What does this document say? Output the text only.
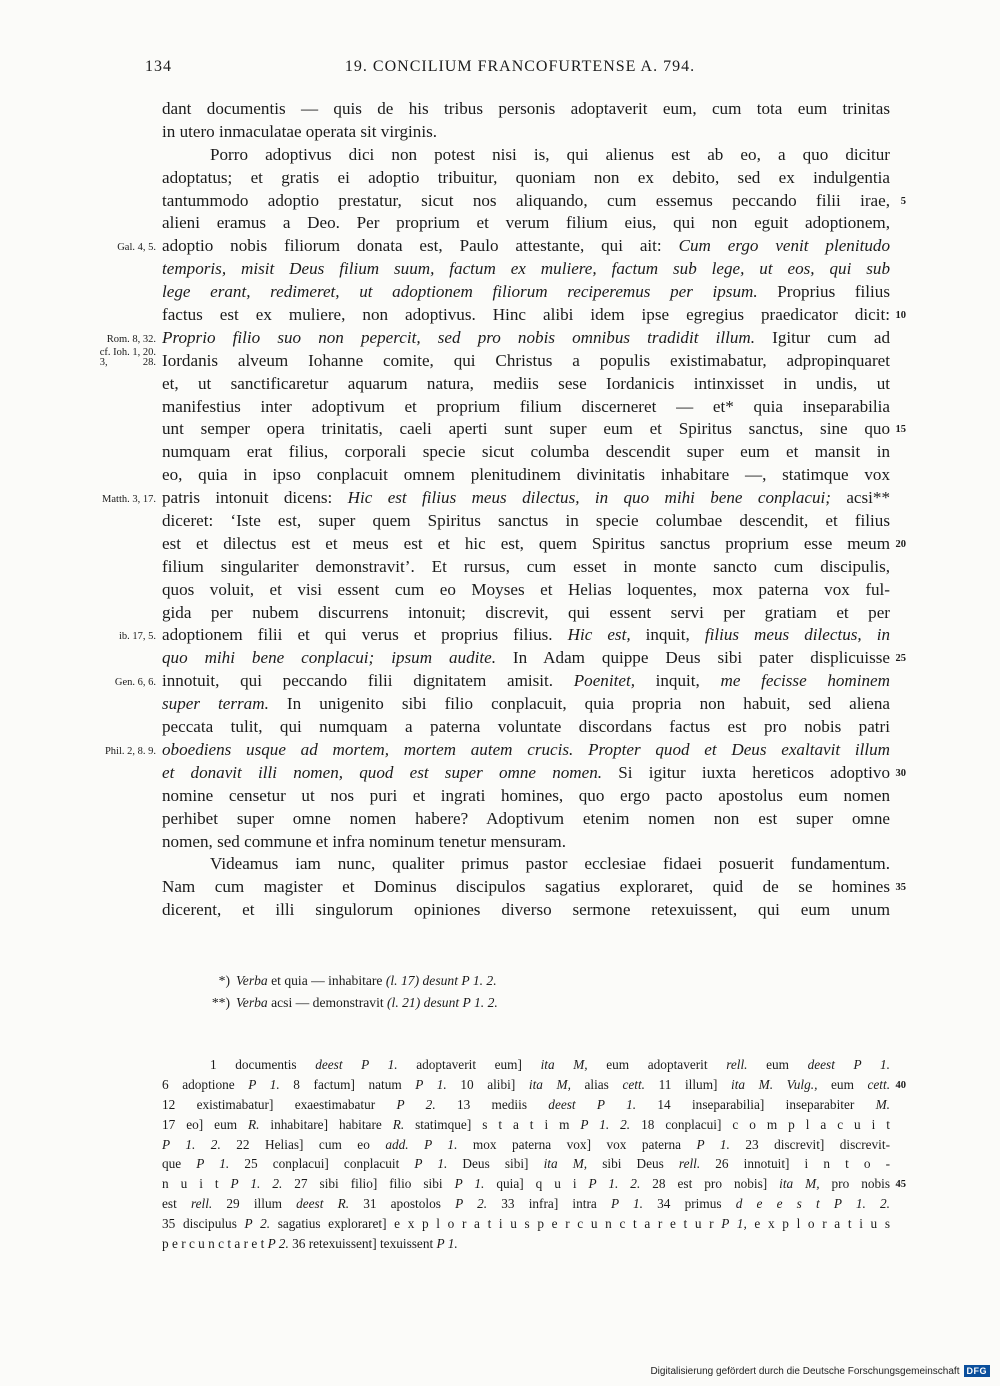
134	19. CONCILIUM FRANCOFURTENSE A. 794.
dant documentis — quis de his tribus personis adoptaverit eum, cum tota eum trinitas
in utero inmaculatae operata sit virginis.
Porro adoptivus dici non potest nisi is, qui alienus est ab eo, a quo dicitur
adoptatus; et gratis ei adoptio tribuitur, quoniam non ex debito, sed ex indulgentia
tantummodo adoptio prestatur, sicut nos aliquando, cum essemus peccando filii irae, 5
alieni eramus a Deo. Per proprium et verum filium eius, qui non eguit adoptionem,
adoptio nobis filiorum donata est, Paulo attestante, qui ait: Cum ergo venit plenitudo
Gal. 4, 5.
temporis, misit Deus filium suum, factum ex muliere, factum sub lege, ut eos, qui sub
lege erant, redimeret, ut adoptionem filiorum reciperemus per ipsum. Proprius filius
factus est ex muliere, non adoptivus. Hinc alibi idem ipse egregius praedicator dicit: 10
Proprio filio suo non pepercit, sed pro nobis omnibus tradidit illum. Igitur cum ad
Rom. 8, 32.
Iordanis alveum Iohanne comite, qui Christus a populis existimabatur, adpropinquaret
cf. Ioh. 1, 20.
3, 28.
et, ut sanctificaretur aquarum natura, mediis sese Iordanicis intinxisset in undis, ut
manifestius inter adoptivum et proprium filium discerneret — et* quia inseparabilia
unt semper opera trinitatis, caeli aperti sunt super eum et Spiritus sanctus, sine quo 15
numquam erat filius, corporali specie sicut columba descendit super eum et mansit in
eo, quia in ipso conplacuit omnem plenitudinem divinitatis inhabitare —, statimque vox
patris intonuit dicens: Hic est filius meus dilectus, in quo mihi bene conplacui; acsi**
Matth. 3, 17.
diceret: ‘Iste est, super quem Spiritus sanctus in specie columbae descendit, et filius
est et dilectus est et meus est et hic est, quem Spiritus sanctus proprium esse meum 20
filium singulariter demonstravit’. Et rursus, cum esset in monte sancto cum discipulis,
quos voluit, et visi essent cum eo Moyses et Helias loquentes, mox paterna vox ful-
gida per nubem discurrens intonuit; discrevit, qui essent servi per gratiam et per
adoptionem filii et qui verus et proprius filius. Hic est, inquit, filius meus dilectus, in
ib. 17, 5.
quo mihi bene conplacui; ipsum audite. In Adam quippe Deus sibi pater displicuisse 25
innotuit, qui peccando filii dignitatem amisit. Poenitet, inquit, me fecisse hominem
Gen. 6, 6.
super terram. In unigenito sibi filio conplacuit, quia propria non habuit, sed aliena
peccata tulit, qui numquam a paterna voluntate discordans factus est pro nobis patri
oboediens usque ad mortem, mortem autem crucis. Propter quod et Deus exaltavit illum
Phil. 2, 8. 9.
et donavit illi nomen, quod est super omne nomen. Si igitur iuxta hereticos adoptivo 30
nomine censetur ut nos puri et ingrati homines, quo ergo pacto apostolus eum nomen
perhibet super omne nomen habere? Adoptivum etenim nomen non est super omne
nomen, sed commune et infra nominum tenetur mensuram.
Videamus iam nunc, qualiter primus pastor ecclesiae fidaei posuerit fundamentum.
Nam cum magister et Dominus discipulos sagatius exploraret, quid de se homines 35
dicerent, et illi singulorum opiniones diverso sermone retexuissent, qui eum unum
*) Verba et quia — inhabitare (l. 17) desunt P 1. 2.
**) Verba acsi — demonstravit (l. 21) desunt P 1. 2.
1 documentis deest P 1. adoptaverit eum] ita M, eum adoptaverit rell. eum deest P 1.
6 adoptione P 1. 8 factum] natum P 1. 10 alibi] ita M, alias cett. 11 illum] ita M. Vulg., eum cett. 40
12 existimabatur] exaestimabatur P 2. 13 mediis deest P 1. 14 inseparabilia] inseparabiter M.
17 eo] eum R. inhabitare] habitare R. statimque] s t a t i m P 1. 2. 18 conplacui] c o m p l a c u i t
P 1. 2. 22 Helias] cum eo add. P 1. mox paterna vox] vox paterna P 1. 23 discrevit] discrevit-
que P 1. 25 conplacui] conplacuit P 1. Deus sibi] ita M, sibi Deus rell. 26 innotuit] i n t o -
n u i t P 1. 2. 27 sibi filio] filio sibi P 1. quia] q u i P 1. 2. 28 est pro nobis] ita M, pro nobis 45
est rell. 29 illum deest R. 31 apostolos P 2. 33 infra] intra P 1. 34 primus d e e s t P 1. 2.
35 discipulus P 2. sagatius exploraret] e x p l o r a t i u s p e r c u n c t a r e t u r P 1, e x p l o r a t i u s
p e r c u n c t a r e t P 2. 36 retexuissent] texuissent P 1.
Digitalisierung gefördert durch die Deutsche Forschungsgemeinschaft DFG
